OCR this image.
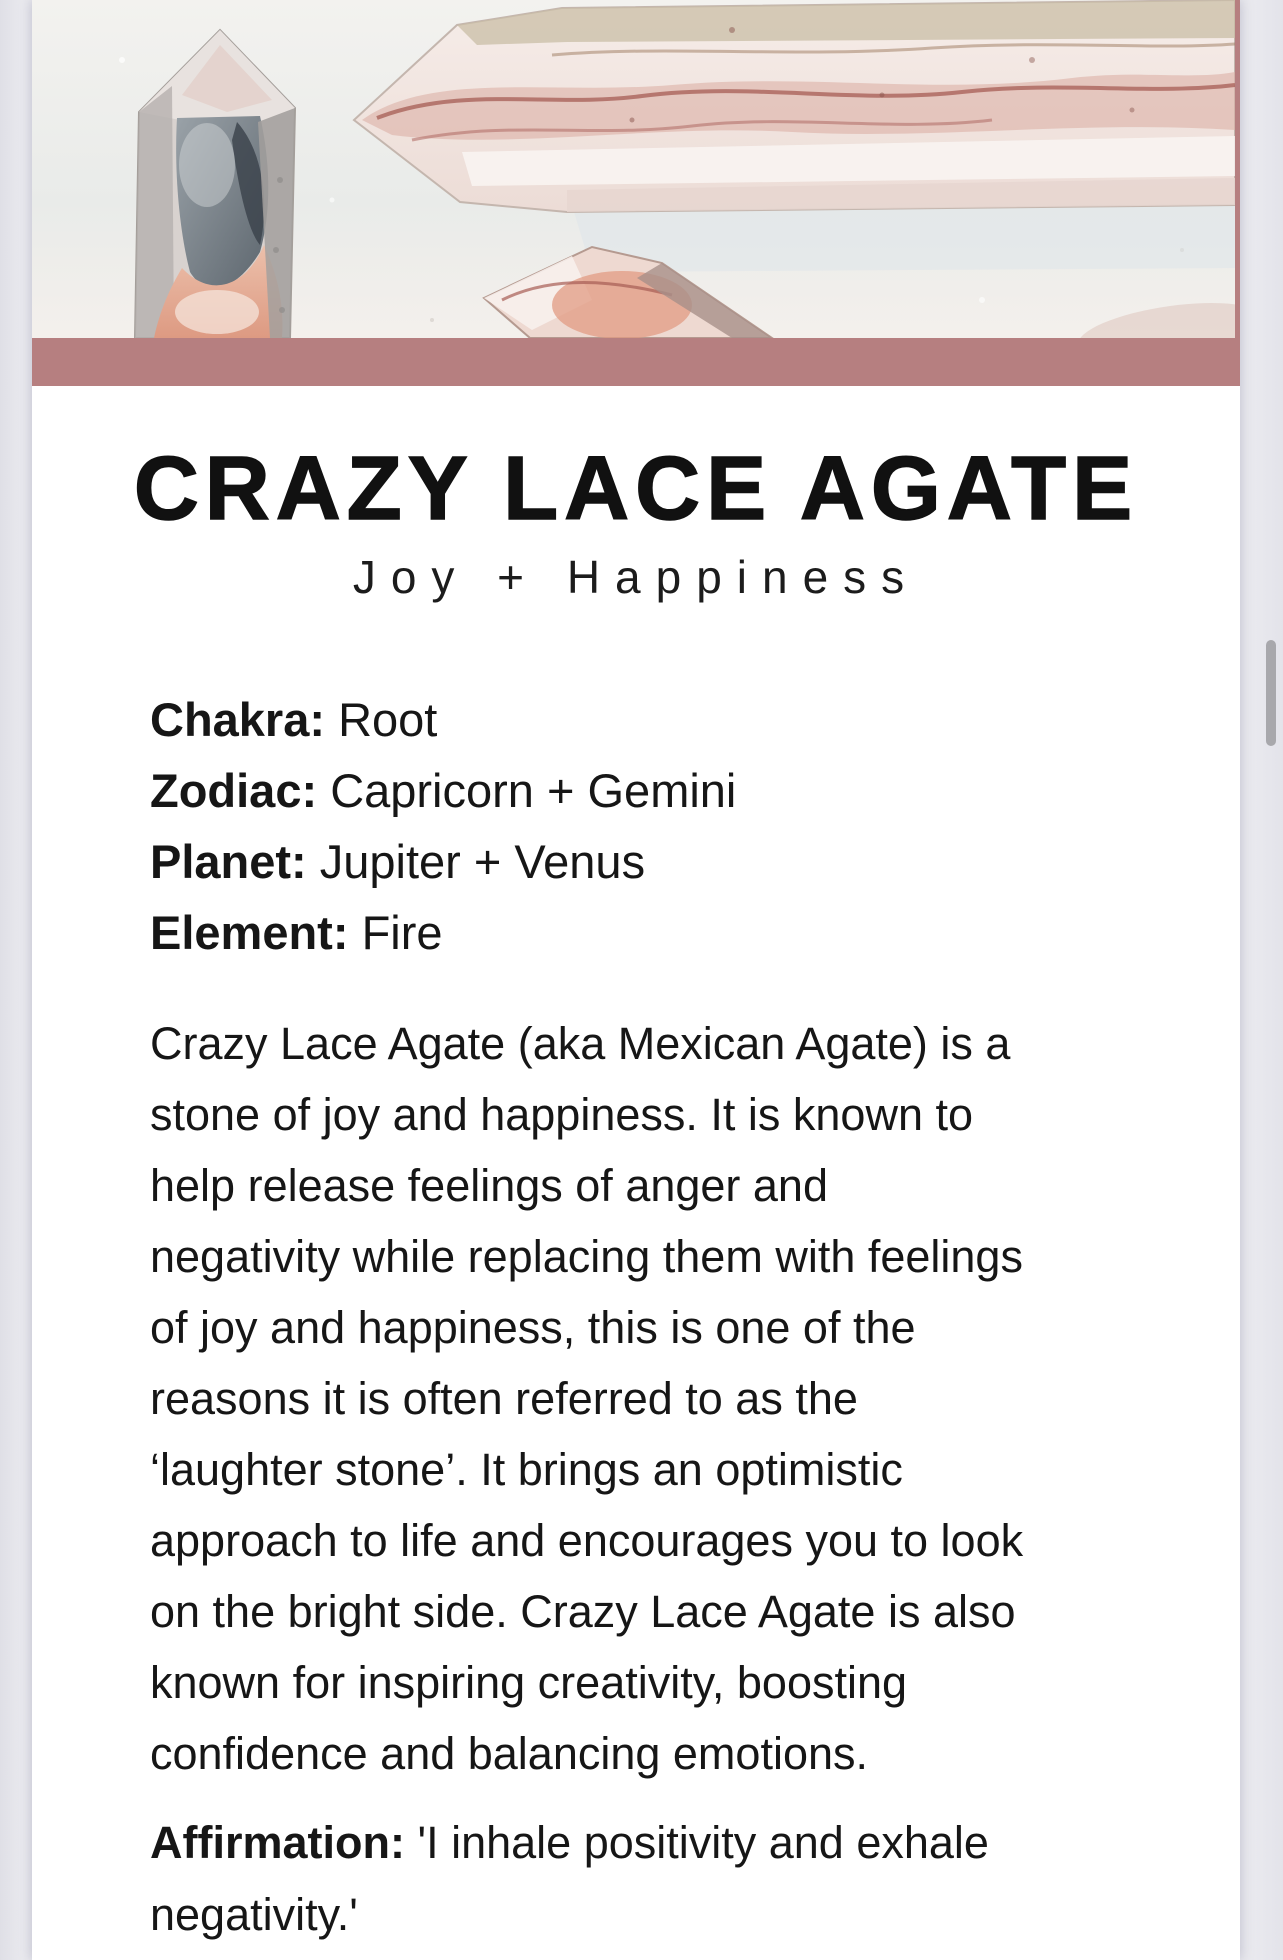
CRAZY LACE AGATE
Joy + Happiness
Chakra: Root
Zodiac: Capricorn + Gemini
Planet: Jupiter + Venus
Element: Fire
Crazy Lace Agate (aka Mexican Agate) is a
stone of joy and happiness. It is known to
help release feelings of anger and
negativity while replacing them with feelings
of joy and happiness, this is one of the
reasons it is often referred to as the
‘laughter stone’. It brings an optimistic
approach to life and encourages you to look
on the bright side. Crazy Lace Agate is also
known for inspiring creativity, boosting
confidence and balancing emotions.
Affirmation: 'I inhale positivity and exhale
negativity.'
